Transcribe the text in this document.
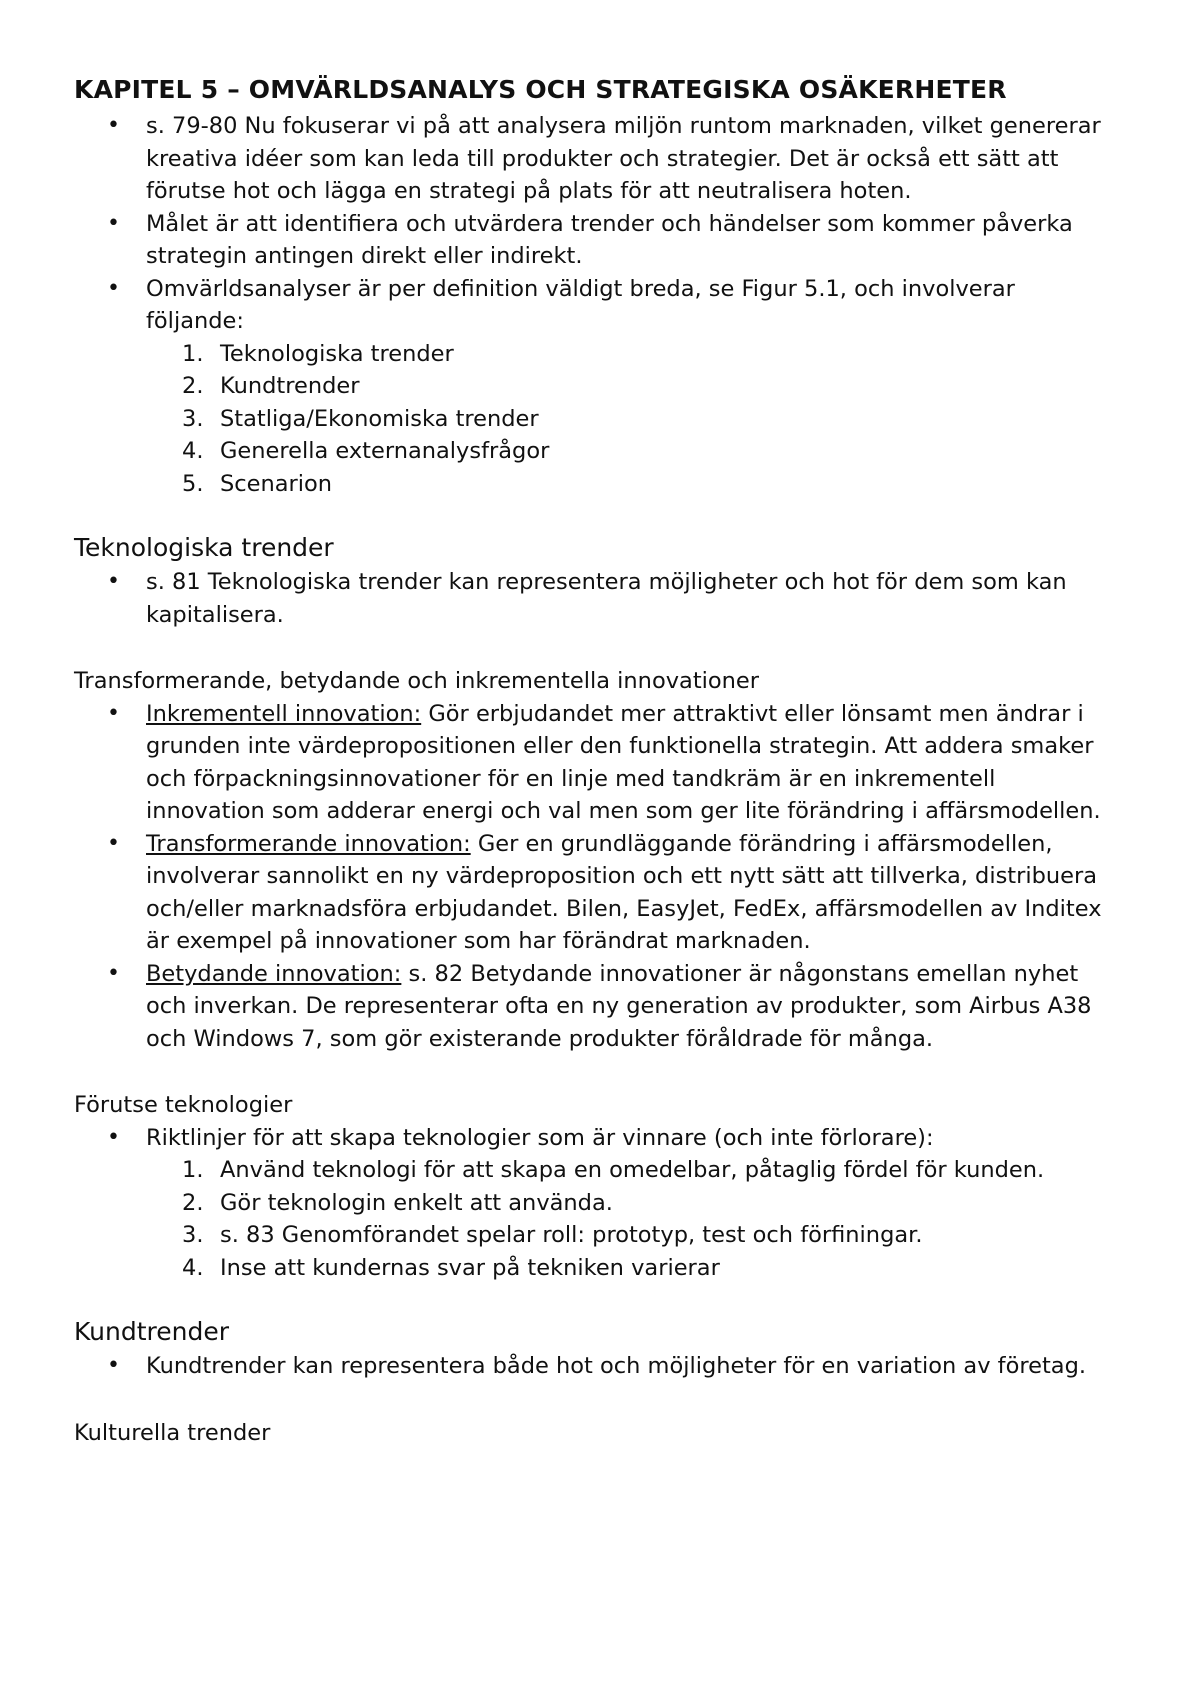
KAPITEL 5 – OMVÄRLDSANALYS OCH STRATEGISKA OSÄKERHETER
• s. 79-80 Nu fokuserar vi på att analysera miljön runtom marknaden, vilket genererar kreativa idéer som kan leda till produkter och strategier. Det är också ett sätt att förutse hot och lägga en strategi på plats för att neutralisera hoten.
• Målet är att identifiera och utvärdera trender och händelser som kommer påverka strategin antingen direkt eller indirekt.
• Omvärldsanalyser är per definition väldigt breda, se Figur 5.1, och involverar följande:
1. Teknologiska trender
2. Kundtrender
3. Statliga/Ekonomiska trender
4. Generella externanalysfrågor
5. Scenarion
Teknologiska trender
• s. 81 Teknologiska trender kan representera möjligheter och hot för dem som kan kapitalisera.

Transformerande, betydande och inkrementella innovationer

• Inkrementell innovation: Gör erbjudandet mer attraktivt eller lönsamt men ändrar i grunden inte värdepropositionen eller den funktionella strategin. Att addera smaker och förpackningsinnovationer för en linje med tandkräm är en inkrementell innovation som adderar energi och val men som ger lite förändring i affärsmodellen.
• Transformerande innovation: Ger en grundläggande förändring i affärsmodellen, involverar sannolikt en ny värdeproposition och ett nytt sätt att tillverka, distribuera och/eller marknadsföra erbjudandet. Bilen, EasyJet, FedEx, affärsmodellen av Inditex är exempel på innovationer som har förändrat marknaden.
• Betydande innovation: s. 82 Betydande innovationer är någonstans emellan nyhet och inverkan. De representerar ofta en ny generation av produkter, som Airbus A38 och Windows 7, som gör existerande produkter föråldrade för många.

Förutse teknologier

• Riktlinjer för att skapa teknologier som är vinnare (och inte förlorare):
1. Använd teknologi för att skapa en omedelbar, påtaglig fördel för kunden.
2. Gör teknologin enkelt att använda.
3. s. 83 Genomförandet spelar roll: prototyp, test och förfiningar.
4. Inse att kundernas svar på tekniken varierar
Kundtrender
• Kundtrender kan representera både hot och möjligheter för en variation av företag.

Kulturella trender
